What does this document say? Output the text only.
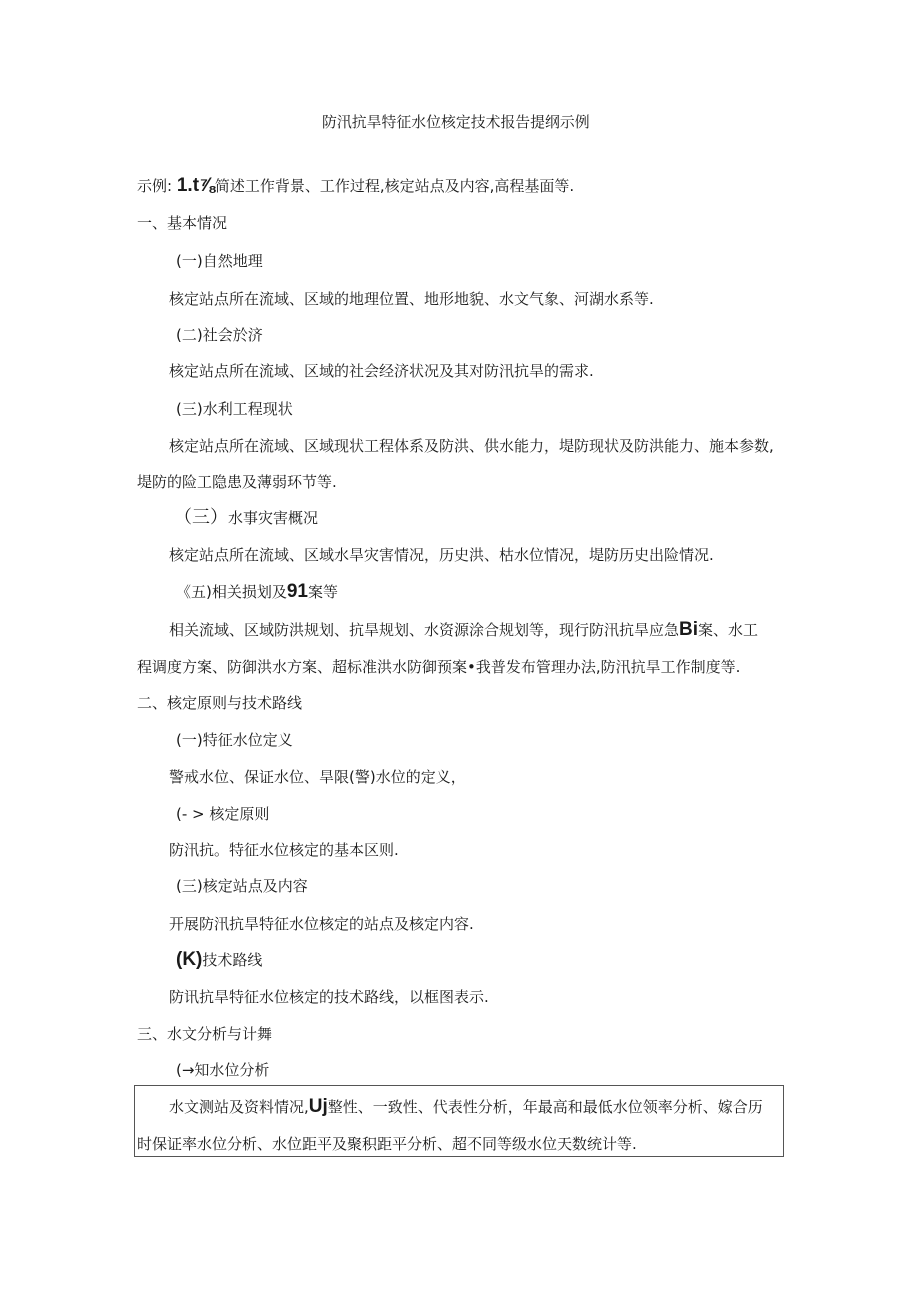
防汛抗旱特征水位核定技术报告提纲示例
示例: 1.t⅞简述工作背景、工作过程,核定站点及内容,高程基面等.
一、基本情况
(一)自然地理
核定站点所在流域、区域的地理位置、地形地貌、水文气象、河湖水系等.
(二)社会於济
核定站点所在流域、区域的社会经济状况及其对防汛抗旱的需求.
(三)水利工程现状
核定站点所在流域、区域现状工程体系及防洪、供水能力，堤防现状及防洪能力、施本参数,
堤防的险工隐患及薄弱环节等.
（三）水事灾害概况
核定站点所在流域、区域水旱灾害情况，历史洪、枯水位情况，堤防历史出险情况.
《五)相关损划及91案等
相关流域、区域防洪规划、抗旱规划、水资源涂合规划等，现行防汛抗旱应急Bi案、水工
程调度方案、防御洪水方案、超标准洪水防御预案•我普发布管理办法,防汛抗旱工作制度等.
二、核定原则与技术路线
(一)特征水位定义
警戒水位、保证水位、旱限(警)水位的定义，
(- > 核定原则
防汛抗。特征水位核定的基本区则.
(三)核定站点及内容
开展防汛抗旱特征水位核定的站点及核定内容.
(K)技术路线
防讯抗旱特征水位核定的技术路线，以框图表示.
三、水文分析与计舞
(→知水位分析
水文测站及资料情况,Uj整性、一致性、代表性分析，年最高和最低水位领率分析、嫁合历
时保证率水位分析、水位距平及聚积距平分析、超不同等级水位天数统计等.
